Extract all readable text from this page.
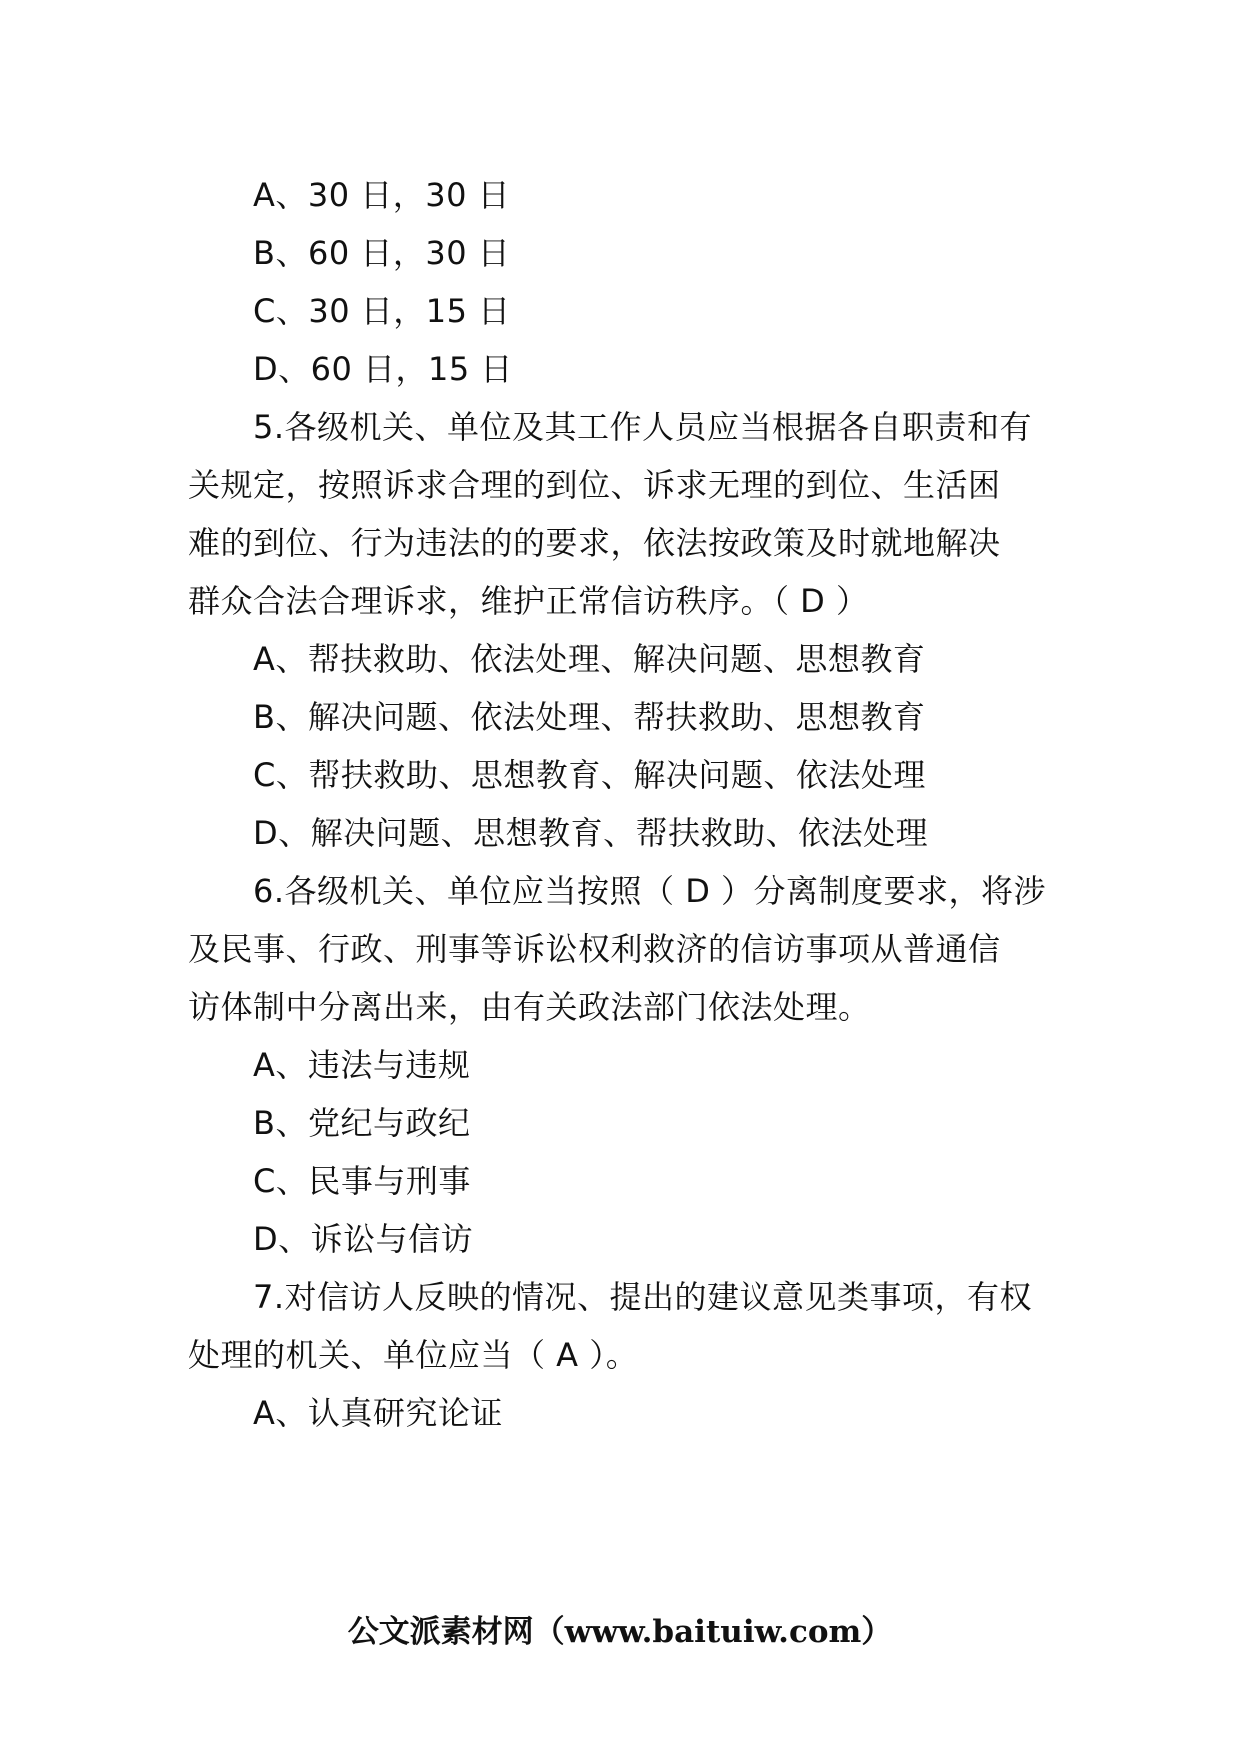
A、30 日，30 日
B、60 日，30 日
C、30 日，15 日
D、60 日，15 日
5.各级机关、单位及其工作人员应当根据各自职责和有
关规定，按照诉求合理的到位、诉求无理的到位、生活困
难的到位、行为违法的的要求，依法按政策及时就地解决
群众合法合理诉求，维护正常信访秩序。（ D ）
A、帮扶救助、依法处理、解决问题、思想教育
B、解决问题、依法处理、帮扶救助、思想教育
C、帮扶救助、思想教育、解决问题、依法处理
D、解决问题、思想教育、帮扶救助、依法处理
6.各级机关、单位应当按照（ D ）分离制度要求，将涉
及民事、行政、刑事等诉讼权利救济的信访事项从普通信
访体制中分离出来，由有关政法部门依法处理。
A、违法与违规
B、党纪与政纪
C、民事与刑事
D、诉讼与信访
7.对信访人反映的情况、提出的建议意见类事项，有权
处理的机关、单位应当（ A ）。
A、认真研究论证
公文派素材网（www.baituiw.com）
